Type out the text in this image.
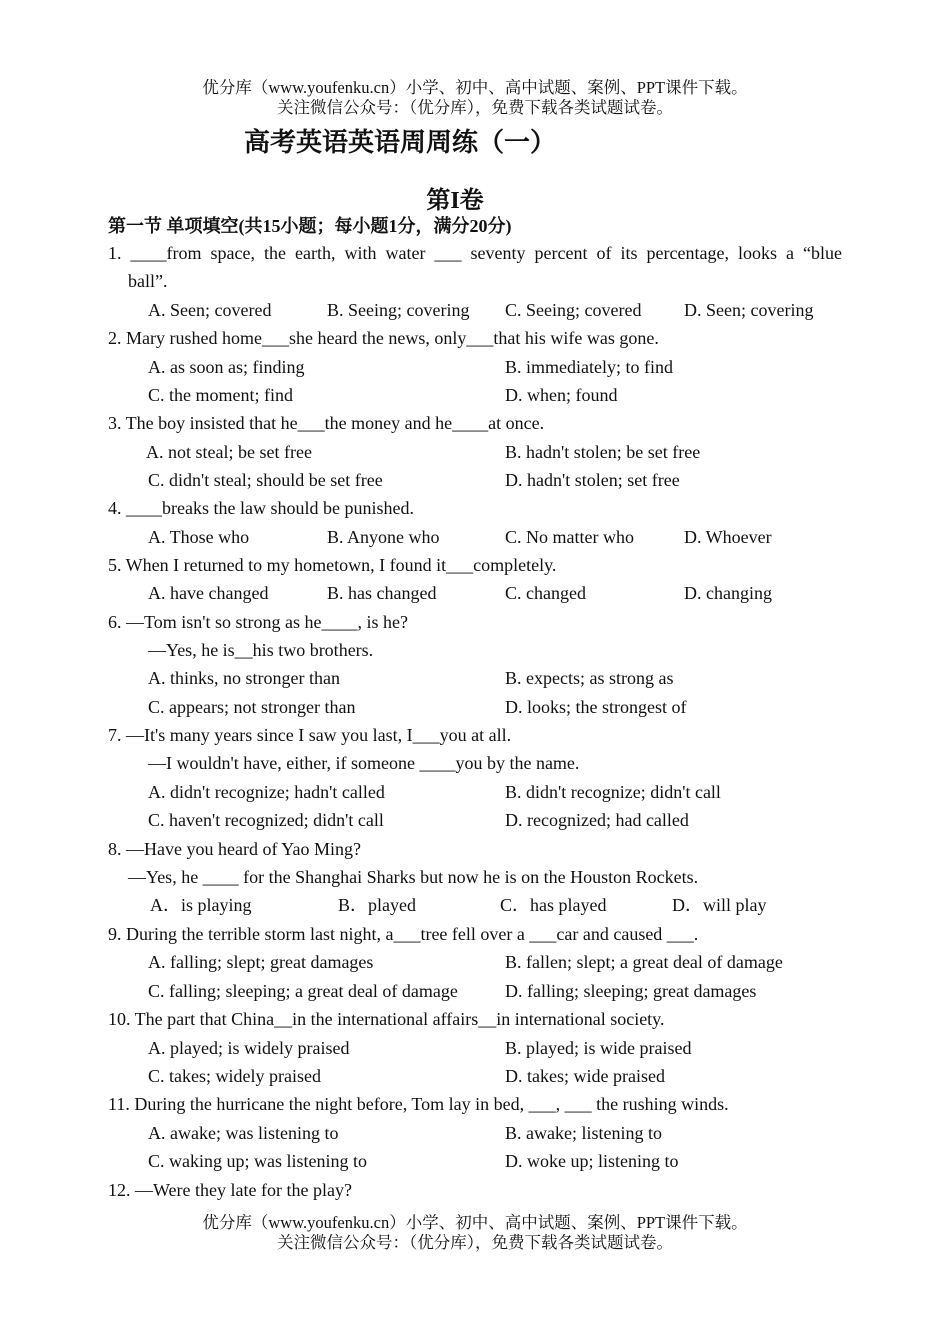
优分库（www.youfenku.cn）小学、初中、高中试题、案例、PPT课件下载。
关注微信公众号：（优分库），免费下载各类试题试卷。
高考英语英语周周练（一）
第I卷
第一节 单项填空(共15小题；每小题1分，满分20分)
1. ____from space, the earth, with water ___ seventy percent of its percentage, looks a “blue
ball”.
A. Seen; covered	B. Seeing; covering C. Seeing; covered D. Seen; covering
2. Mary rushed home___she heard the news, only___that his wife was gone.
A. as soon as; finding	B. immediately; to find
C. the moment; find	D. when; found
3. The boy insisted that he___the money and he____at once.
A. not steal; be set free	B. hadn't stolen; be set free
C. didn't steal; should be set free	D. hadn't stolen; set free
4. ____breaks the law should be punished.
A. Those who	B. Anyone who	C. No matter who	D. Whoever
5. When I returned to my hometown, I found it___completely.
A. have changed	B. has changed	C. changed	D. changing
6. —Tom isn't so strong as he____, is he?
—Yes, he is__his two brothers.
A. thinks, no stronger than	B. expects; as strong as
C. appears; not stronger than	D. looks; the strongest of
7. —It's many years since I saw you last, I___you at all.
—I wouldn't have, either, if someone ____you by the name.
A. didn't recognize; hadn't called	B. didn't recognize; didn't call
C. haven't recognized; didn't call	D. recognized; had called
8. —Have you heard of Yao Ming?
—Yes, he ____ for the Shanghai Sharks but now he is on the Houston Rockets.
A．is playing	B．played	C．has played	D．will play
9. During the terrible storm last night, a___tree fell over a ___car and caused ___.
A. falling; slept; great damages	B. fallen; slept; a great deal of damage
C. falling; sleeping; a great deal of damage	D. falling; sleeping; great damages
10. The part that China__in the international affairs__in international society.
A. played; is widely praised	B. played; is wide praised
C. takes; widely praised	D. takes; wide praised
11. During the hurricane the night before, Tom lay in bed, ___, ___ the rushing winds.
A. awake; was listening to	B. awake; listening to
C. waking up; was listening to	D. woke up; listening to
12. —Were they late for the play?
优分库（www.youfenku.cn）小学、初中、高中试题、案例、PPT课件下载。
关注微信公众号：（优分库），免费下载各类试题试卷。
